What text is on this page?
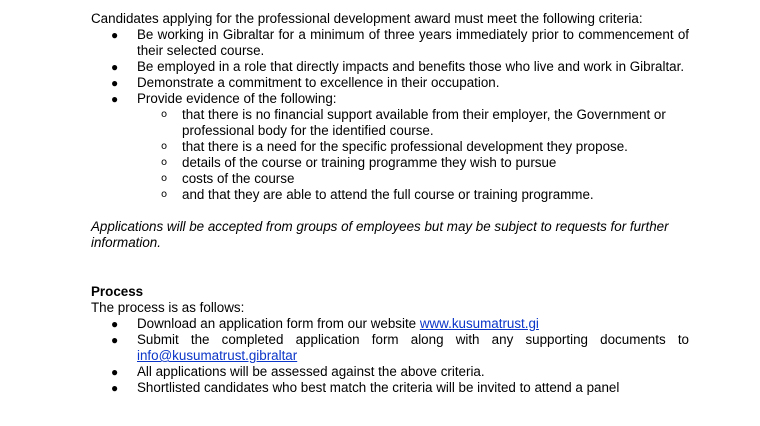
Candidates applying for the professional development award must meet the following criteria:

● Be working in Gibraltar for a minimum of three years immediately prior to commencement of their selected course.
● Be employed in a role that directly impacts and benefits those who live and work in Gibraltar.
● Demonstrate a commitment to excellence in their occupation.
● Provide evidence of the following:
o that there is no financial support available from their employer, the Government or professional body for the identified course.
o that there is a need for the specific professional development they propose.
o details of the course or training programme they wish to pursue
o costs of the course
o and that they are able to attend the full course or training programme.

Applications will be accepted from groups of employees but may be subject to requests for further information.

Process

The process is as follows:

● Download an application form from our website www.kusumatrust.gi
● Submit the completed application form along with any supporting documents to info@kusumatrust.gibraltar
● All applications will be assessed against the above criteria.
● Shortlisted candidates who best match the criteria will be invited to attend a panel
